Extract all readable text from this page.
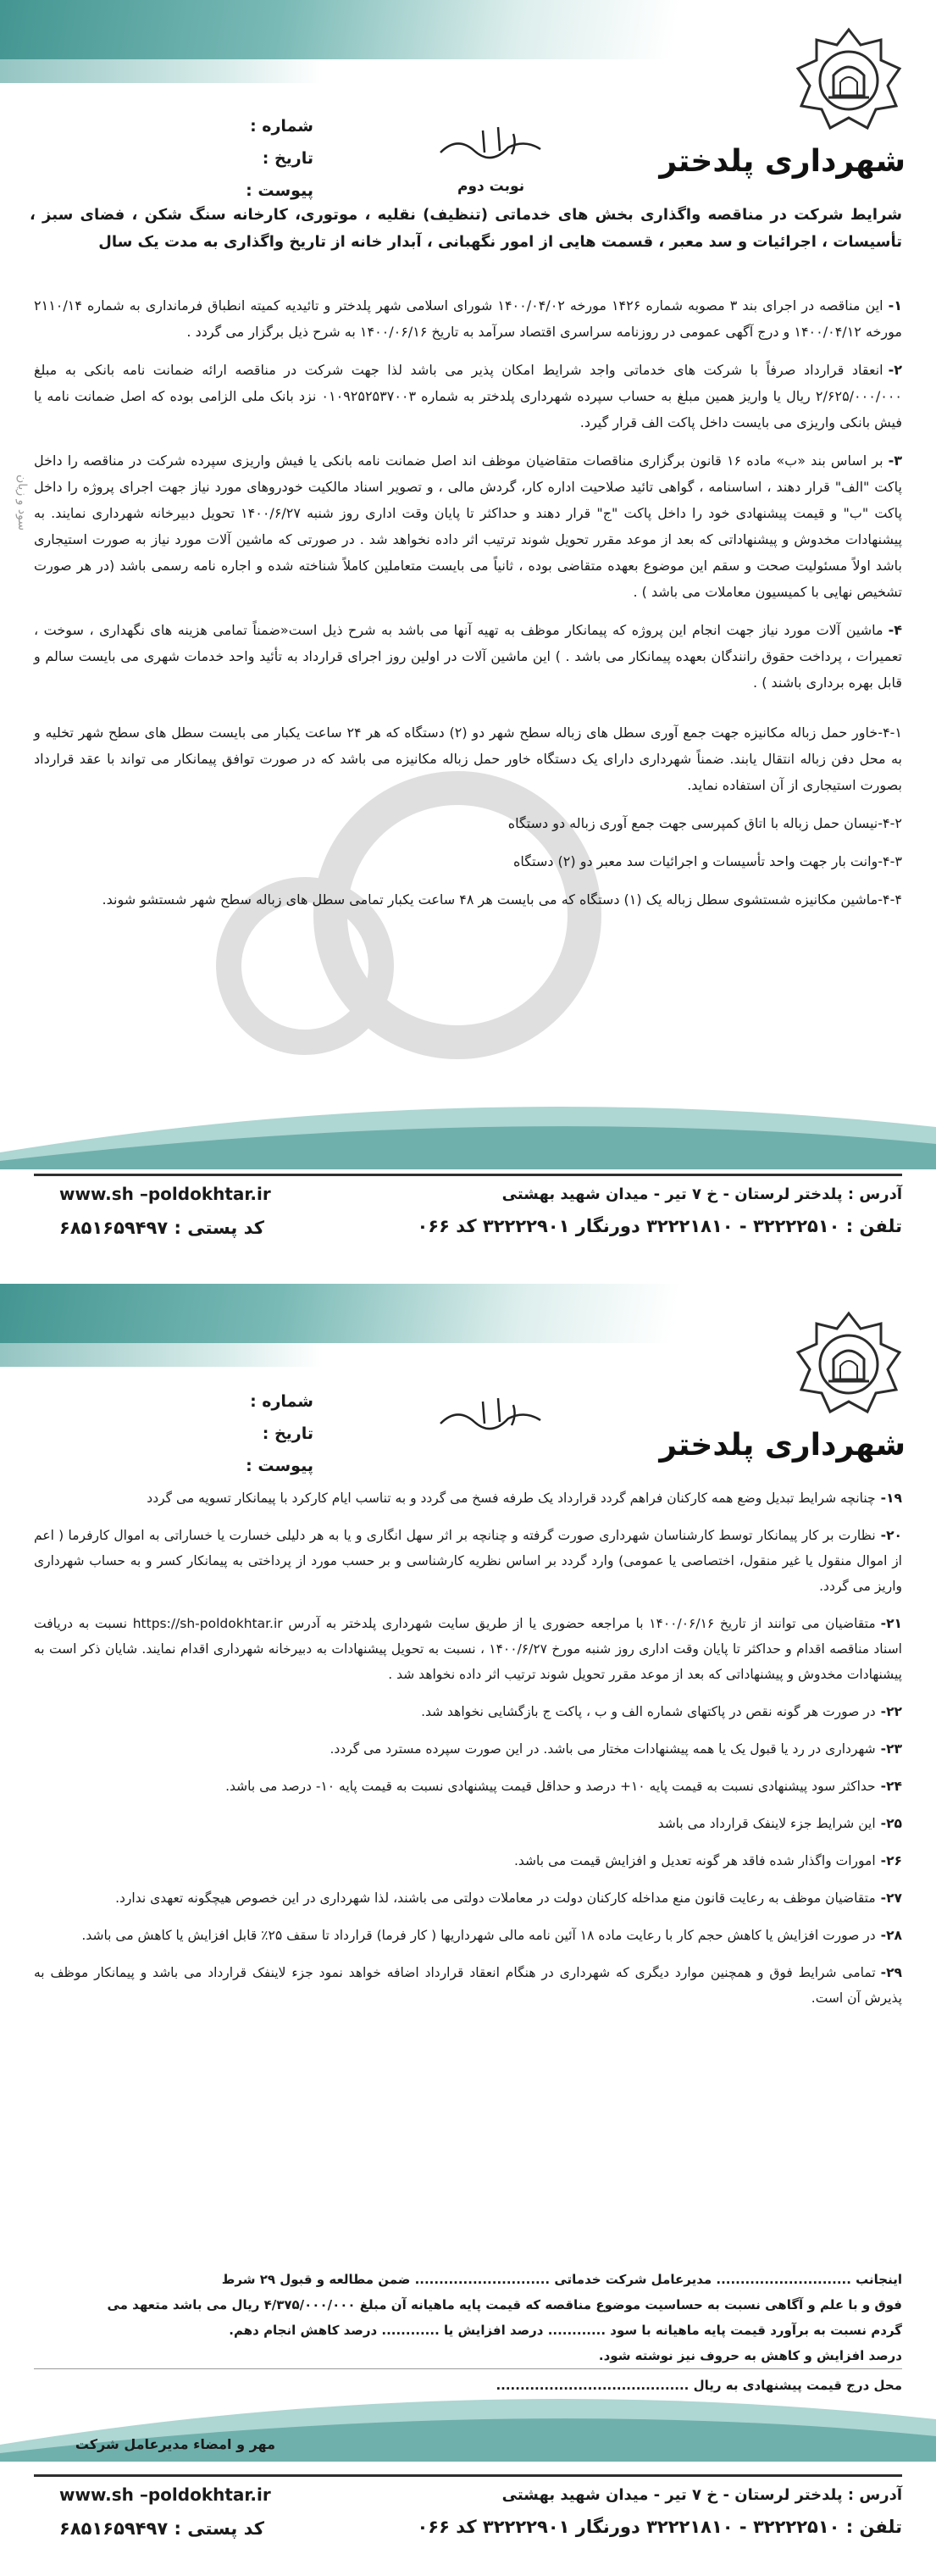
شهرداری پلدختر
شماره :
تاریخ :
پیوست :	نوبت دوم
شرایط شرکت در مناقصه واگذاری بخش های خدماتی (تنظیف) نقلیه ، موتوری، کارخانه سنگ شکن ، فضای سبز ، تأسیسات ، اجرائیات و سد معبر ، قسمت هایی از امور نگهبانی ، آبدار خانه از تاریخ واگذاری به مدت یک سال
۱-این مناقصه در اجرای بند ۳ مصوبه شماره ۱۴۲۶ مورخه ۱۴۰۰/۰۴/۰۲ شورای اسلامی شهر پلدختر و تائیدیه کمیته انطباق فرمانداری به شماره ۲۱۱۰/۱۴ مورخه ۱۴۰۰/۰۴/۱۲ و درج آگهی عمومی در روزنامه سراسری اقتصاد سرآمد به تاریخ ۱۴۰۰/۰۶/۱۶ به شرح ذیل برگزار می گردد .
۲-انعقاد قرارداد صرفاً با شرکت های خدماتی واجد شرایط امکان پذیر می باشد لذا جهت شرکت در مناقصه ارائه ضمانت نامه بانکی به مبلغ ۲/۶۲۵/۰۰۰/۰۰۰ ریال یا واریز همین مبلغ به حساب سپرده شهرداری پلدختر به شماره ۰۱۰۹۲۵۲۵۳۷۰۰۳ نزد بانک ملی الزامی بوده که اصل ضمانت نامه یا فیش بانکی واریزی می بایست داخل پاکت الف قرار گیرد.
۳-بر اساس بند «ب» ماده ۱۶ قانون برگزاری مناقصات متقاضیان موظف اند اصل ضمانت نامه بانکی یا فیش واریزی سپرده شرکت در مناقصه را داخل پاکت "الف" قرار دهند ، اساسنامه ، گواهی تائید صلاحیت اداره کار، گردش مالی ، و تصویر اسناد مالکیت خودروهای مورد نیاز جهت اجرای پروژه را داخل پاکت "ب" و قیمت پیشنهادی خود را داخل پاکت "ج" قرار دهند و حداکثر تا پایان وقت اداری روز شنبه ۱۴۰۰/۶/۲۷ تحویل دبیرخانه شهرداری نمایند. به پیشنهادات مخدوش و پیشنهاداتی که بعد از موعد مقرر تحویل شوند ترتیب اثر داده نخواهد شد . در صورتی که ماشین آلات مورد نیاز به صورت استیجاری باشد اولاً مسئولیت صحت و سقم این موضوع بعهده متقاضی بوده ، ثانیاً می بایست متعاملین کاملاً شناخته شده و اجاره نامه رسمی باشد (در هر صورت تشخیص نهایی با کمیسیون معاملات می باشد ) .
۴-ماشین آلات مورد نیاز جهت انجام این پروژه که پیمانکار موظف به تهیه آنها می باشد به شرح ذیل است«ضمناً تمامی هزینه های نگهداری ، سوخت ، تعمیرات ، پرداخت حقوق رانندگان بعهده پیمانکار می باشد . ) این ماشین آلات در اولین روز اجرای قرارداد به تأئید واحد خدمات شهری می بایست سالم و قابل بهره برداری باشند ) .
۴-۱-خاور حمل زباله مکانیزه جهت جمع آوری سطل های زباله سطح شهر دو (۲) دستگاه که هر ۲۴ ساعت یکبار می بایست سطل های سطح شهر تخلیه و به محل دفن زباله انتقال یابند. ضمناً شهرداری دارای یک دستگاه خاور حمل زباله مکانیزه می باشد که در صورت توافق پیمانکار می تواند با عقد قرارداد بصورت استیجاری از آن استفاده نماید.
۴-۲-نیسان حمل زباله با اتاق کمپرسی جهت جمع آوری زباله دو دستگاه
۴-۳-وانت بار جهت واحد تأسیسات و اجرائیات سد معبر دو (۲) دستگاه
۴-۴-ماشین مکانیزه شستشوی سطل زباله یک (۱) دستگاه که می بایست هر ۴۸ ساعت یکبار تمامی سطل های زباله سطح شهر شستشو شوند.
آدرس : پلدختر لرستان - خ ۷ تیر - میدان شهید بهشتی
تلفن : ۳۲۲۲۲۵۱۰ - ۳۲۲۲۱۸۱۰ دورنگار ۳۲۲۲۲۹۰۱ کد ۰۶۶
www.sh –poldokhtar.ir
کد پستی : ۶۸۵۱۶۵۹۴۹۷
سود و زیان
شهرداری پلدختر
شماره :
تاریخ :
پیوست :
۱۹-چنانچه شرایط تبدیل وضع همه کارکنان فراهم گردد قرارداد یک طرفه فسخ می گردد و به تناسب ایام کارکرد با پیمانکار تسویه می گردد
۲۰-نظارت بر کار پیمانکار توسط کارشناسان شهرداری صورت گرفته و چنانچه بر اثر سهل انگاری و یا به هر دلیلی خسارت یا خساراتی به اموال کارفرما ( اعم از اموال منقول یا غیر منقول، اختصاصی یا عمومی) وارد گردد بر اساس نظریه کارشناسی و بر حسب مورد از پرداختی به پیمانکار کسر و به حساب شهرداری واریز می گردد.
۲۱-متقاضیان می توانند از تاریخ ۱۴۰۰/۰۶/۱۶ با مراجعه حضوری یا از طریق سایت شهرداری پلدختر به آدرس https://sh-poldokhtar.ir نسبت به دریافت اسناد مناقصه اقدام و حداکثر تا پایان وقت اداری روز شنبه مورخ ۱۴۰۰/۶/۲۷ ، نسبت به تحویل پیشنهادات به دبیرخانه شهرداری اقدام نمایند. شایان ذکر است به پیشنهادات مخدوش و پیشنهاداتی که بعد از موعد مقرر تحویل شوند ترتیب اثر داده نخواهد شد .
۲۲-در صورت هر گونه نقص در پاکتهای شماره الف و ب ، پاکت ج بازگشایی نخواهد شد.
۲۳-شهرداری در رد یا قبول یک یا همه پیشنهادات مختار می باشد. در این صورت سپرده مسترد می گردد.
۲۴-حداکثر سود پیشنهادی نسبت به قیمت پایه ۱۰+ درصد و حداقل قیمت پیشنهادی نسبت به قیمت پایه ۱۰- درصد می باشد.
۲۵-این شرایط جزء لاینفک قرارداد می باشد
۲۶-امورات واگذار شده فاقد هر گونه تعدیل و افزایش قیمت می باشد.
۲۷-متقاضیان موظف به رعایت قانون منع مداخله کارکنان دولت در معاملات دولتی می باشند، لذا شهرداری در این خصوص هیچگونه تعهدی ندارد.
۲۸-در صورت افزایش یا کاهش حجم کار با رعایت ماده ۱۸ آئین نامه مالی شهرداریها ( کار فرما) قرارداد تا سقف ۲۵٪ قابل افزایش یا کاهش می باشد.
۲۹-تمامی شرایط فوق و همچنین موارد دیگری که شهرداری در هنگام انعقاد قرارداد اضافه خواهد نمود جزء لاینفک قرارداد می باشد و پیمانکار موظف به پذیرش آن است.
اینجانب ............................ مدیرعامل شرکت خدماتی ............................ ضمن مطالعه و قبول ۲۹ شرط
فوق و با علم و آگاهی نسبت به حساسیت موضوع مناقصه که قیمت پایه ماهیانه آن مبلغ ۴/۳۷۵/۰۰۰/۰۰۰ ریال می باشد متعهد می
گردم نسبت به برآورد قیمت پایه ماهیانه با سود ............ درصد افزایش یا ............ درصد کاهش انجام دهم.
درصد افزایش و کاهش به حروف نیز نوشته شود.
محل درج قیمت پیشنهادی به ریال ........................................
مهر و امضاء مدیرعامل شرکت
آدرس : پلدختر لرستان - خ ۷ تیر - میدان شهید بهشتی
تلفن : ۳۲۲۲۲۵۱۰ - ۳۲۲۲۱۸۱۰ دورنگار ۳۲۲۲۲۹۰۱ کد ۰۶۶
www.sh –poldokhtar.ir
کد پستی : ۶۸۵۱۶۵۹۴۹۷
